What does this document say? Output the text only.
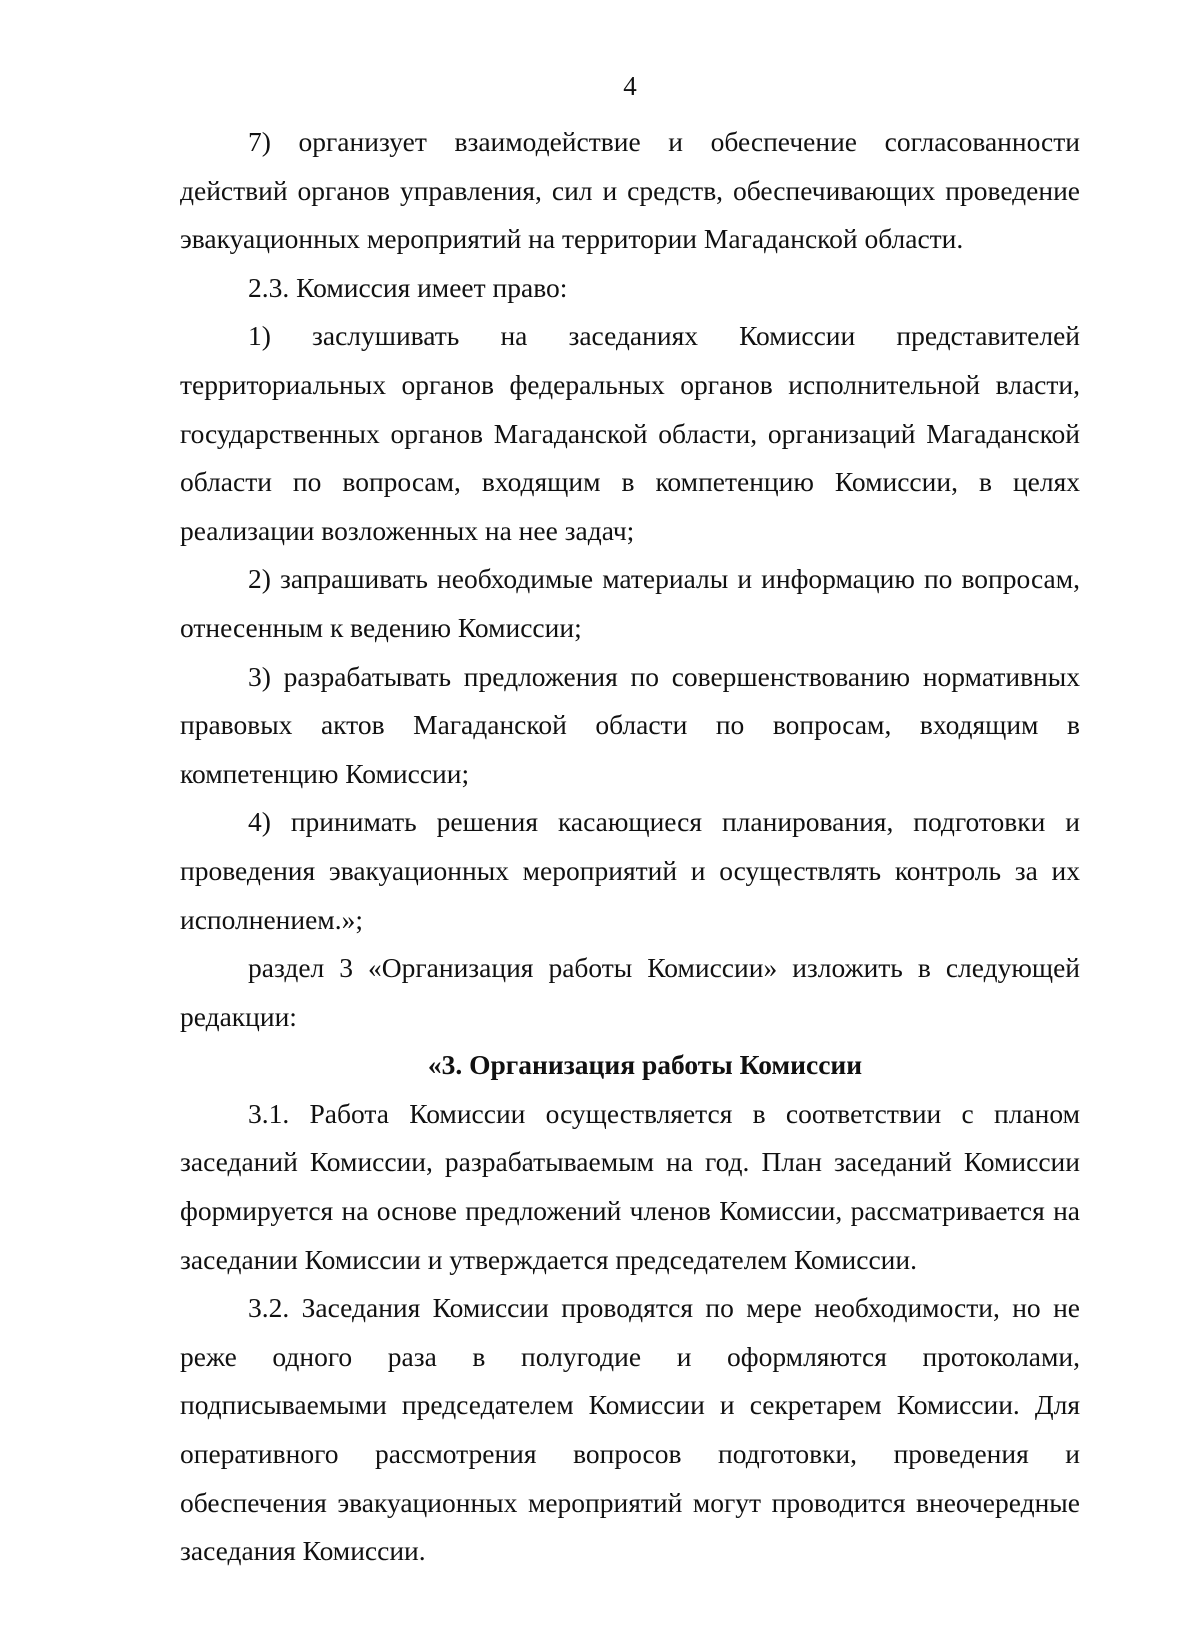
4

7) организует взаимодействие и обеспечение согласованности действий органов управления, сил и средств, обеспечивающих проведение эвакуационных мероприятий на территории Магаданской области.

2.3. Комиссия имеет право:

1) заслушивать на заседаниях Комиссии представителей территориальных органов федеральных органов исполнительной власти, государственных органов Магаданской области, организаций Магаданской области по вопросам, входящим в компетенцию Комиссии, в целях реализации возложенных на нее задач;

2) запрашивать необходимые материалы и информацию по вопросам, отнесенным к ведению Комиссии;

3) разрабатывать предложения по совершенствованию нормативных правовых актов Магаданской области по вопросам, входящим в компетенцию Комиссии;

4) принимать решения касающиеся планирования, подготовки и проведения эвакуационных мероприятий и осуществлять контроль за их исполнением.»;

раздел 3 «Организация работы Комиссии» изложить в следующей редакции:

«3. Организация работы Комиссии

3.1. Работа Комиссии осуществляется в соответствии с планом заседаний Комиссии, разрабатываемым на год. План заседаний Комиссии формируется на основе предложений членов Комиссии, рассматривается на заседании Комиссии и утверждается председателем Комиссии.

3.2. Заседания Комиссии проводятся по мере необходимости, но не реже одного раза в полугодие и оформляются протоколами, подписываемыми председателем Комиссии и секретарем Комиссии. Для оперативного рассмотрения вопросов подготовки, проведения и обеспечения эвакуационных мероприятий могут проводится внеочередные заседания Комиссии.
